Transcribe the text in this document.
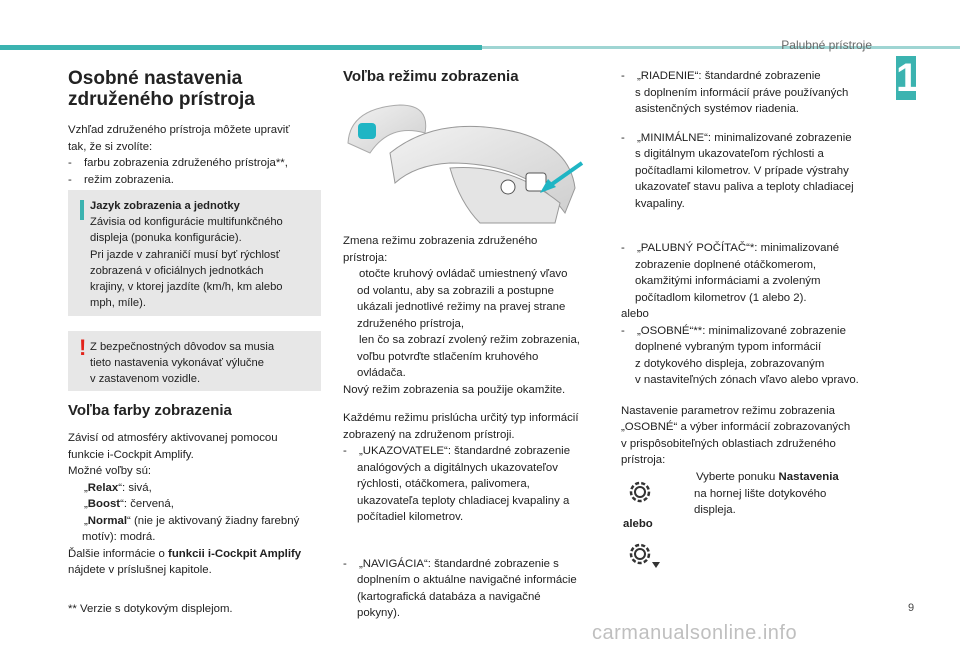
Palubné prístroje
1

Osobné nastavenia

združeného prístroja

Vzhľad združeného prístroja môžete upraviť

tak, že si zvolíte:

-	farbu zobrazenia združeného prístroja**,
-	režim zobrazenia.

Jazyk zobrazenia a jednotky

Závisia od konfigurácie multifunkčného

displeja (ponuka konfigurácie).

Pri jazde v zahraničí musí byť rýchlosť

zobrazená v oficiálnych jednotkách

krajiny, v ktorej jazdíte (km/h, km alebo

mph, míle).

! Z bezpečnostných dôvodov sa musia

tieto nastavenia vykonávať výlučne

v zastavenom vozidle.

Voľba farby zobrazenia

Závisí od atmosféry aktivovanej pomocou

funkcie i-Cockpit Amplify.

Možné voľby sú:

„Relax“: sivá,
„Boost“: červená,
„Normal“ (nie je aktivovaný žiadny farebný

motív): modrá.

Ďalšie informácie o funkcii i-Cockpit Amplify

nájdete v príslušnej kapitole.

** Verzie s dotykovým displejom.

Voľba režimu zobrazenia

Zmena režimu zobrazenia združeného

prístroja:

otočte kruhový ovládač umiestnený vľavo

od volantu, aby sa zobrazili a postupne

ukázali jednotlivé režimy na pravej strane

združeného prístroja,

len čo sa zobrazí zvolený režim zobrazenia,

voľbu potvrďte stlačením kruhového

ovládača.

Nový režim zobrazenia sa použije okamžite.

Každému režimu prislúcha určitý typ informácií

zobrazený na združenom prístroji.

-	„UKAZOVATELE“: štandardné zobrazenie

analógových a digitálnych ukazovateľov

rýchlosti, otáčkomera, palivomera,

ukazovateľa teploty chladiacej kvapaliny a

počítadiel kilometrov.

-	„NAVIGÁCIA“: štandardné zobrazenie s

doplnením o aktuálne navigačné informácie

(kartografická databáza a navigačné

pokyny).

-	„RIADENIE“: štandardné zobrazenie

s doplnením informácií práve používaných

asistenčných systémov riadenia.

-	„MINIMÁLNE“: minimalizované zobrazenie

s digitálnym ukazovateľom rýchlosti a

počítadlami kilometrov. V prípade výstrahy

ukazovateľ stavu paliva a teploty chladiacej

kvapaliny.

-	„PALUBNÝ POČÍTAČ“*: minimalizované

zobrazenie doplnené otáčkomerom,

okamžitými informáciami a zvoleným

počítadlom kilometrov (1 alebo 2).

alebo

-	„OSOBNÉ“**: minimalizované zobrazenie

doplnené vybraným typom informácií

z dotykového displeja, zobrazovaným

v nastaviteľných zónach vľavo alebo vpravo.

Nastavenie parametrov režimu zobrazenia

„OSOBNÉ“ a výber informácií zobrazovaných

v prispôsobiteľných oblastiach združeného

prístroja:

Vyberte ponuku Nastavenia

na hornej lište dotykového

displeja.

alebo
9
carmanualsonline.info
